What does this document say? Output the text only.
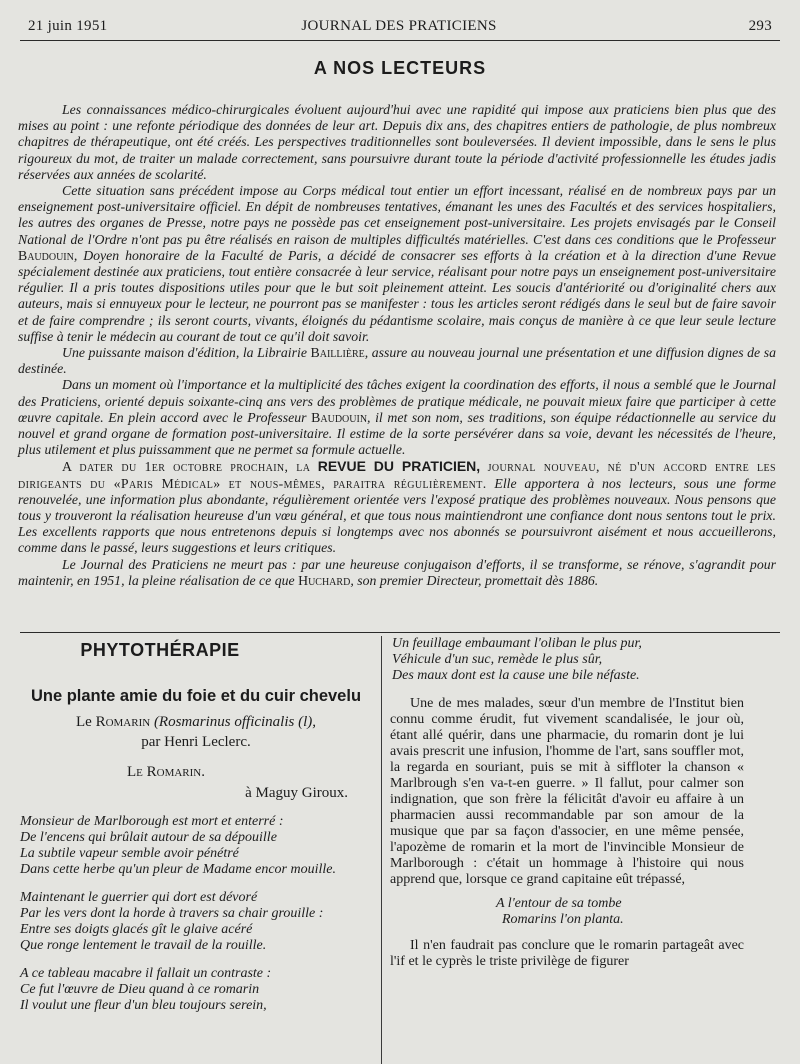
21 juin 1951	JOURNAL DES PRATICIENS	293
A NOS LECTEURS

Les connaissances médico-chirurgicales évoluent aujourd'hui avec une rapidité qui impose aux praticiens bien plus que des mises au point : une refonte périodique des données de leur art. Depuis dix ans, des chapitres entiers de pathologie, de plus nombreux chapitres de thérapeutique, ont été créés. Les perspectives traditionnelles sont bouleversées. Il devient impossible, dans le sens le plus rigoureux du mot, de traiter un malade correctement, sans poursuivre durant toute la période d'activité professionnelle les études jadis réservées aux années de scolarité.

Cette situation sans précédent impose au Corps médical tout entier un effort incessant, réalisé en de nombreux pays par un enseignement post-universitaire officiel. En dépit de nombreuses tentatives, émanant les unes des Facultés et des services hospitaliers, les autres des organes de Presse, notre pays ne possède pas cet enseignement post-universitaire. Les projets envisagés par le Conseil National de l'Ordre n'ont pas pu être réalisés en raison de multiples difficultés matérielles. C'est dans ces conditions que le Professeur Baudouin, Doyen honoraire de la Faculté de Paris, a décidé de consacrer ses efforts à la création et à la direction d'une Revue spécialement destinée aux praticiens, tout entière consacrée à leur service, réalisant pour notre pays un enseignement post-universitaire régulier. Il a pris toutes dispositions utiles pour que le but soit pleinement atteint. Les soucis d'antériorité ou d'originalité chers aux auteurs, mais si ennuyeux pour le lecteur, ne pourront pas se manifester : tous les articles seront rédigés dans le seul but de faire savoir et de faire comprendre ; ils seront courts, vivants, éloignés du pédantisme scolaire, mais conçus de manière à ce que leur seule lecture suffise à tenir le médecin au courant de tout ce qu'il doit savoir.

Une puissante maison d'édition, la Librairie Baillière, assure au nouveau journal une présentation et une diffusion dignes de sa destinée.

Dans un moment où l'importance et la multiplicité des tâches exigent la coordination des efforts, il nous a semblé que le Journal des Praticiens, orienté depuis soixante-cinq ans vers des problèmes de pratique médicale, ne pouvait mieux faire que participer à cette œuvre capitale. En plein accord avec le Professeur Baudouin, il met son nom, ses traditions, son équipe rédactionnelle au service du nouvel et grand organe de formation post-universitaire. Il estime de la sorte persévérer dans sa voie, devant les nécessités de l'heure, plus utilement et plus puissamment que ne permet sa formule actuelle.

A dater du 1er octobre prochain, la REVUE DU PRATICIEN, journal nouveau, né d'un accord entre les dirigeants du «Paris Médical» et nous-mêmes, paraitra régulièrement. Elle apportera à nos lecteurs, sous une forme renouvelée, une information plus abondante, régulièrement orientée vers l'exposé pratique des problèmes nouveaux. Nous pensons que tous y trouveront la réalisation heureuse d'un vœu général, et que tous nous maintiendront une confiance dont nous sentons tout le prix. Les excellents rapports que nous entretenons depuis si longtemps avec nos abonnés se poursuivront aisément et nous accueillerons, comme dans le passé, leurs suggestions et leurs critiques.

Le Journal des Praticiens ne meurt pas : par une heureuse conjugaison d'efforts, il se transforme, se rénove, s'agrandit pour maintenir, en 1951, la pleine réalisation de ce que Huchard, son premier Directeur, promettait dès 1886.

PHYTOTHÉRAPIE
Une plante amie du foie et du cuir chevelu
Le Romarin (Rosmarinus officinalis (l),
par Henri Leclerc.
Le Romarin.
à Maguy Giroux.
Monsieur de Marlborough est mort et enterré :
De l'encens qui brûlait autour de sa dépouille
La subtile vapeur semble avoir pénétré
Dans cette herbe qu'un pleur de Madame encor mouille.
Maintenant le guerrier qui dort est dévoré
Par les vers dont la horde à travers sa chair grouille :
Entre ses doigts glacés gît le glaive acéré
Que ronge lentement le travail de la rouille.
A ce tableau macabre il fallait un contraste :
Ce fut l'œuvre de Dieu quand à ce romarin
Il voulut une fleur d'un bleu toujours serein,
Un feuillage embaumant l'oliban le plus pur,
Véhicule d'un suc, remède le plus sûr,
Des maux dont est la cause une bile néfaste.

Une de mes malades, sœur d'un membre de l'Institut bien connu comme érudit, fut vivement scandalisée, le jour où, étant allé quérir, dans une pharmacie, du romarin dont je lui avais prescrit une infusion, l'homme de l'art, sans souffler mot, la regarda en souriant, puis se mit à siffloter la chanson « Marlbrough s'en va-t-en guerre. » Il fallut, pour calmer son indignation, que son frère la félicitât d'avoir eu affaire à un pharmacien aussi recommandable par son amour de la musique que par sa façon d'associer, en une même pensée, l'apozème de romarin et la mort de l'invincible Monsieur de Marlborough : c'était un hommage à l'histoire qui nous apprend que, lorsque ce grand capitaine eût trépassé,

A l'entour de sa tombe
Romarins l'on planta.

Il n'en faudrait pas conclure que le romarin partageât avec l'if et le cyprès le triste privilège de figurer
